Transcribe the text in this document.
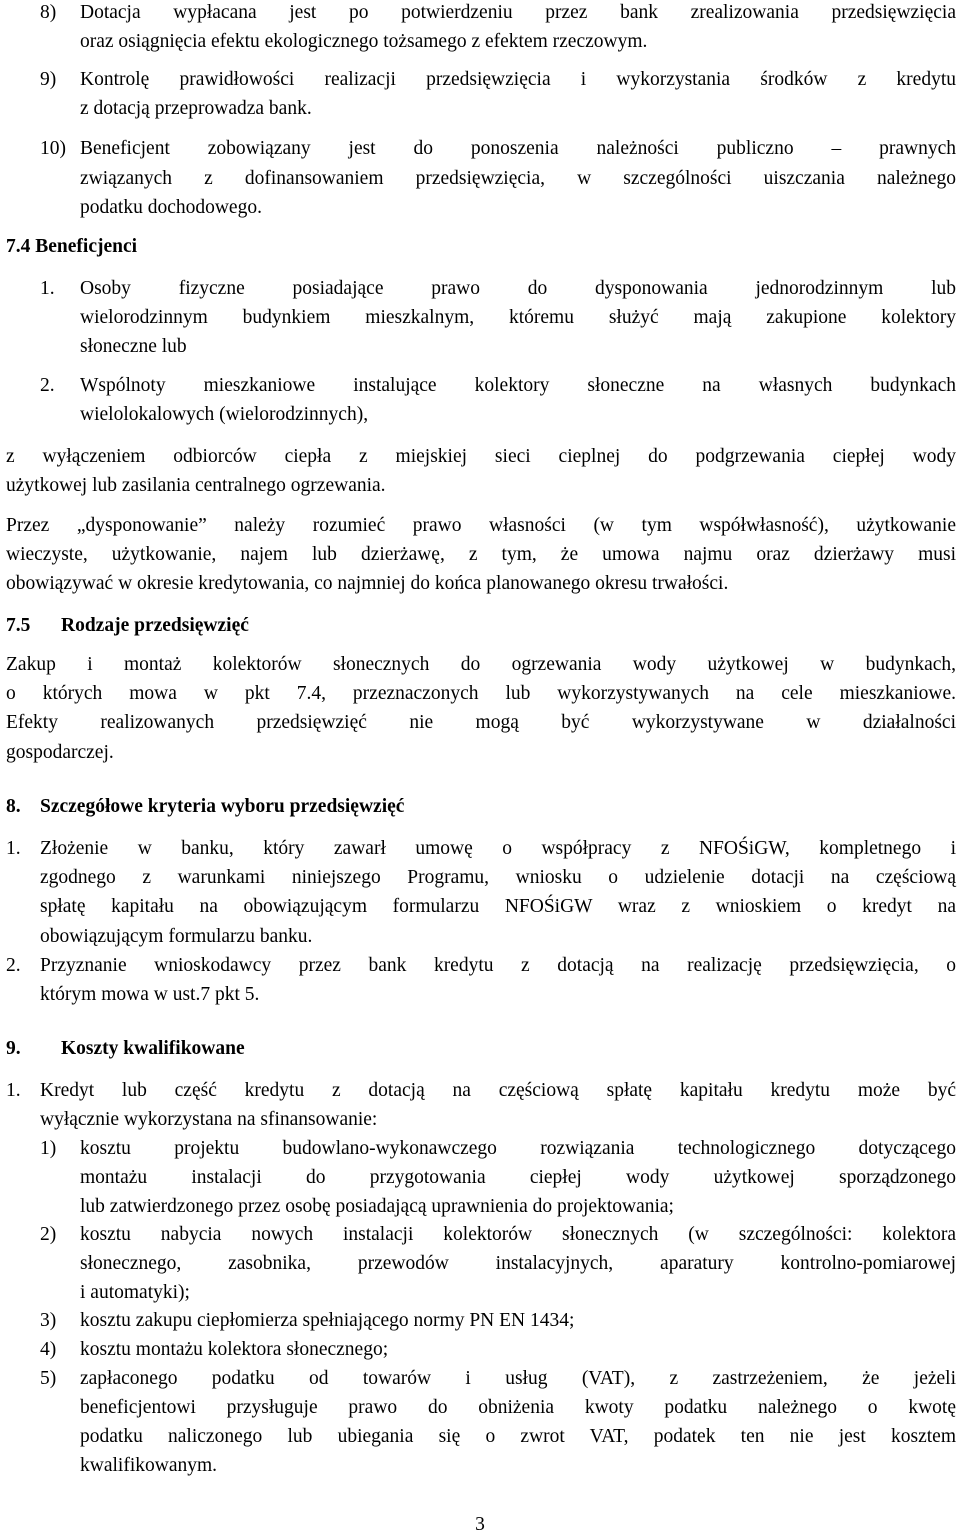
8) Dotacja wypłacana jest po potwierdzeniu przez bank zrealizowania przedsięwzięcia
oraz osiągnięcia efektu ekologicznego tożsamego z efektem rzeczowym.
9) Kontrolę prawidłowości realizacji przedsięwzięcia i wykorzystania środków z kredytu
z dotacją przeprowadza bank.
10) Beneficjent zobowiązany jest do ponoszenia należności publiczno – prawnych
związanych z dofinansowaniem przedsięwzięcia, w szczególności uiszczania należnego
podatku dochodowego.
7.4 Beneficjenci
1. Osoby fizyczne posiadające prawo do dysponowania jednorodzinnym lub
wielorodzinnym budynkiem mieszkalnym, któremu służyć mają zakupione kolektory
słoneczne lub
2. Wspólnoty mieszkaniowe instalujące kolektory słoneczne na własnych budynkach
wielolokalowych (wielorodzinnych),
z wyłączeniem odbiorców ciepła z miejskiej sieci cieplnej do podgrzewania ciepłej wody
użytkowej lub zasilania centralnego ogrzewania.
Przez „dysponowanie” należy rozumieć prawo własności (w tym współwłasność), użytkowanie
wieczyste, użytkowanie, najem lub dzierżawę, z tym, że umowa najmu oraz dzierżawy musi
obowiązywać w okresie kredytowania, co najmniej do końca planowanego okresu trwałości.
7.5 Rodzaje przedsięwzięć
Zakup i montaż kolektorów słonecznych do ogrzewania wody użytkowej w budynkach,
o których mowa w pkt 7.4, przeznaczonych lub wykorzystywanych na cele mieszkaniowe.
Efekty realizowanych przedsięwzięć nie mogą być wykorzystywane w działalności
gospodarczej.
8. Szczegółowe kryteria wyboru przedsięwzięć
1. Złożenie w banku, który zawarł umowę o współpracy z NFOŚiGW, kompletnego i
zgodnego z warunkami niniejszego Programu, wniosku o udzielenie dotacji na częściową
spłatę kapitału na obowiązującym formularzu NFOŚiGW wraz z wnioskiem o kredyt na
obowiązującym formularzu banku.
2. Przyznanie wnioskodawcy przez bank kredytu z dotacją na realizację przedsięwzięcia, o
którym mowa w ust.7 pkt 5.
9. Koszty kwalifikowane
1. Kredyt lub część kredytu z dotacją na częściową spłatę kapitału kredytu może być
wyłącznie wykorzystana na sfinansowanie:
1) kosztu projektu budowlano-wykonawczego rozwiązania technologicznego dotyczącego
montażu instalacji do przygotowania ciepłej wody użytkowej sporządzonego
lub zatwierdzonego przez osobę posiadającą uprawnienia do projektowania;
2) kosztu nabycia nowych instalacji kolektorów słonecznych (w szczególności: kolektora
słonecznego, zasobnika, przewodów instalacyjnych, aparatury kontrolno-pomiarowej
i automatyki);
3) kosztu zakupu ciepłomierza spełniającego normy PN EN 1434;
4) kosztu montażu kolektora słonecznego;
5) zapłaconego podatku od towarów i usług (VAT), z zastrzeżeniem, że jeżeli
beneficjentowi przysługuje prawo do obniżenia kwoty podatku należnego o kwotę
podatku naliczonego lub ubiegania się o zwrot VAT, podatek ten nie jest kosztem
kwalifikowanym.
3
